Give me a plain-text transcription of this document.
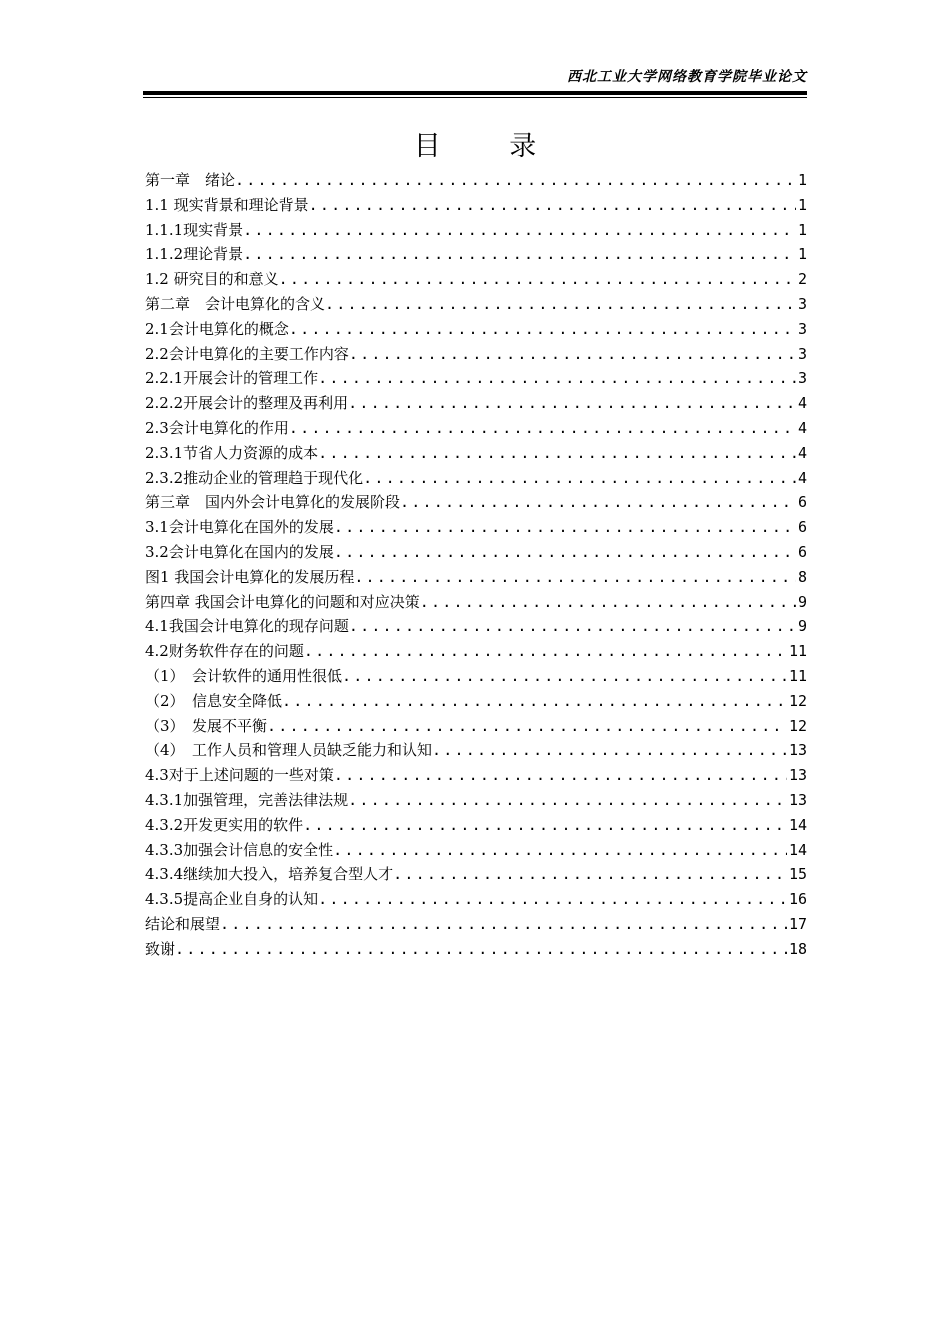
西北工业大学网络教育学院毕业论文
目 录
第一章　绪论 .....	1
1.1 现实背景和理论背景 .....	1
1.1.1现实背景 .....	1
1.1.2理论背景 .....	1
1.2 研究目的和意义 .....	2
第二章　会计电算化的含义 .....	3
2.1会计电算化的概念 .....	3
2.2会计电算化的主要工作内容 .....	3
2.2.1开展会计的管理工作 .....	3
2.2.2开展会计的整理及再利用 .....	4
2.3会计电算化的作用 .....	4
2.3.1节省人力资源的成本 .....	4
2.3.2推动企业的管理趋于现代化 .....	4
第三章　国内外会计电算化的发展阶段 .....	6
3.1会计电算化在国外的发展 .....	6
3.2会计电算化在国内的发展 .....	6
图1 我国会计电算化的发展历程 .....	8
第四章 我国会计电算化的问题和对应决策 .....	9
4.1我国会计电算化的现存问题 .....	9
4.2财务软件存在的问题 .....	11
（1）　会计软件的通用性很低 .....	11
（2）　信息安全降低 .....	12
（3）　发展不平衡 .....	12
（4）　工作人员和管理人员缺乏能力和认知 .....	13
4.3对于上述问题的一些对策 .....	13
4.3.1加强管理，完善法律法规 .....	13
4.3.2开发更实用的软件 .....	14
4.3.3加强会计信息的安全性 .....	14
4.3.4继续加大投入，培养复合型人才 .....	15
4.3.5提高企业自身的认知 .....	16
结论和展望 .....	17
致谢 .....	18
